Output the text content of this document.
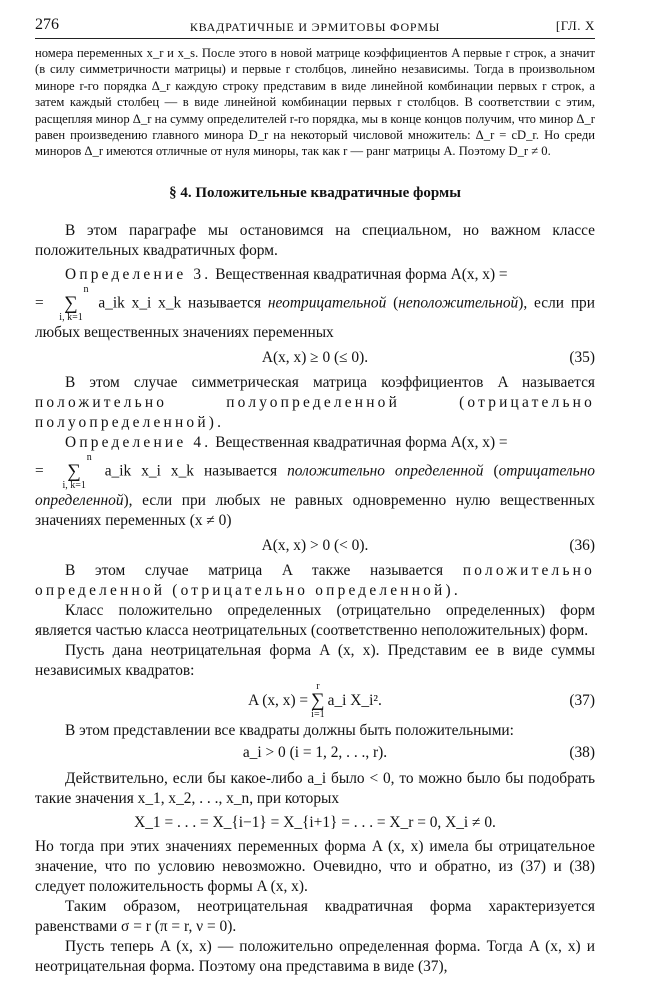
276	КВАДРАТИЧНЫЕ И ЭРМИТОВЫ ФОРМЫ	[ГЛ. X

номера переменных x_r и x_s. После этого в новой матрице коэффициентов A первые r строк, а значит (в силу симметричности матрицы) и первые r столбцов, линейно независимы. Тогда в произвольном миноре r-го порядка Δ_r каждую строку представим в виде линейной комбинации первых r строк, а затем каждый столбец — в виде линейной комбинации первых r столбцов. В соответствии с этим, расщепляя минор Δ_r на сумму определителей r-го порядка, мы в конце концов получим, что минор Δ_r равен произведению главного минора D_r на некоторый числовой множитель: Δ_r = cD_r. Но среди миноров Δ_r имеются отличные от нуля миноры, так как r — ранг матрицы A. Поэтому D_r ≠ 0.

§ 4. Положительные квадратичные формы

В этом параграфе мы остановимся на специальном, но важном классе положительных квадратичных форм.

Определение 3. Вещественная квадратичная форма A(x, x) =
= n
∑
i, k=1 a_ik x_i x_k называется неотрицательной (неположительной), если при любых вещественных значениях переменных

A(x, x) ≥ 0 (≤ 0).	(35)

В этом случае симметрическая матрица коэффициентов A называется положительно полуопределенной (отрицательно полуопределенной).

Определение 4. Вещественная квадратичная форма A(x, x) =
= n
∑
i, k=1 a_ik x_i x_k называется положительно определенной (отрицательно определенной), если при любых не равных одновременно нулю вещественных значениях переменных (x ≠ 0)

A(x, x) > 0 (< 0).	(36)

В этом случае матрица A также называется положительно определенной (отрицательно определенной).

Класс положительно определенных (отрицательно определенных) форм является частью класса неотрицательных (соответственно неположительных) форм.

Пусть дана неотрицательная форма A (x, x). Представим ее в виде суммы независимых квадратов:

A (x, x) =r
∑
i=1a_i X_i².	(37)

В этом представлении все квадраты должны быть положительными:

a_i > 0 (i = 1, 2, . . ., r).	(38)

Действительно, если бы какое-либо a_i было < 0, то можно было бы подобрать такие значения x_1, x_2, . . ., x_n, при которых

X_1 = . . . = X_{i−1} = X_{i+1} = . . . = X_r = 0, X_i ≠ 0.

Но тогда при этих значениях переменных форма A (x, x) имела бы отрицательное значение, что по условию невозможно. Очевидно, что и обратно, из (37) и (38) следует положительность формы A (x, x).

Таким образом, неотрицательная квадратичная форма характеризуется равенствами σ = r (π = r, ν = 0).

Пусть теперь A (x, x) — положительно определенная форма. Тогда A (x, x) и неотрицательная форма. Поэтому она представима в виде (37),
